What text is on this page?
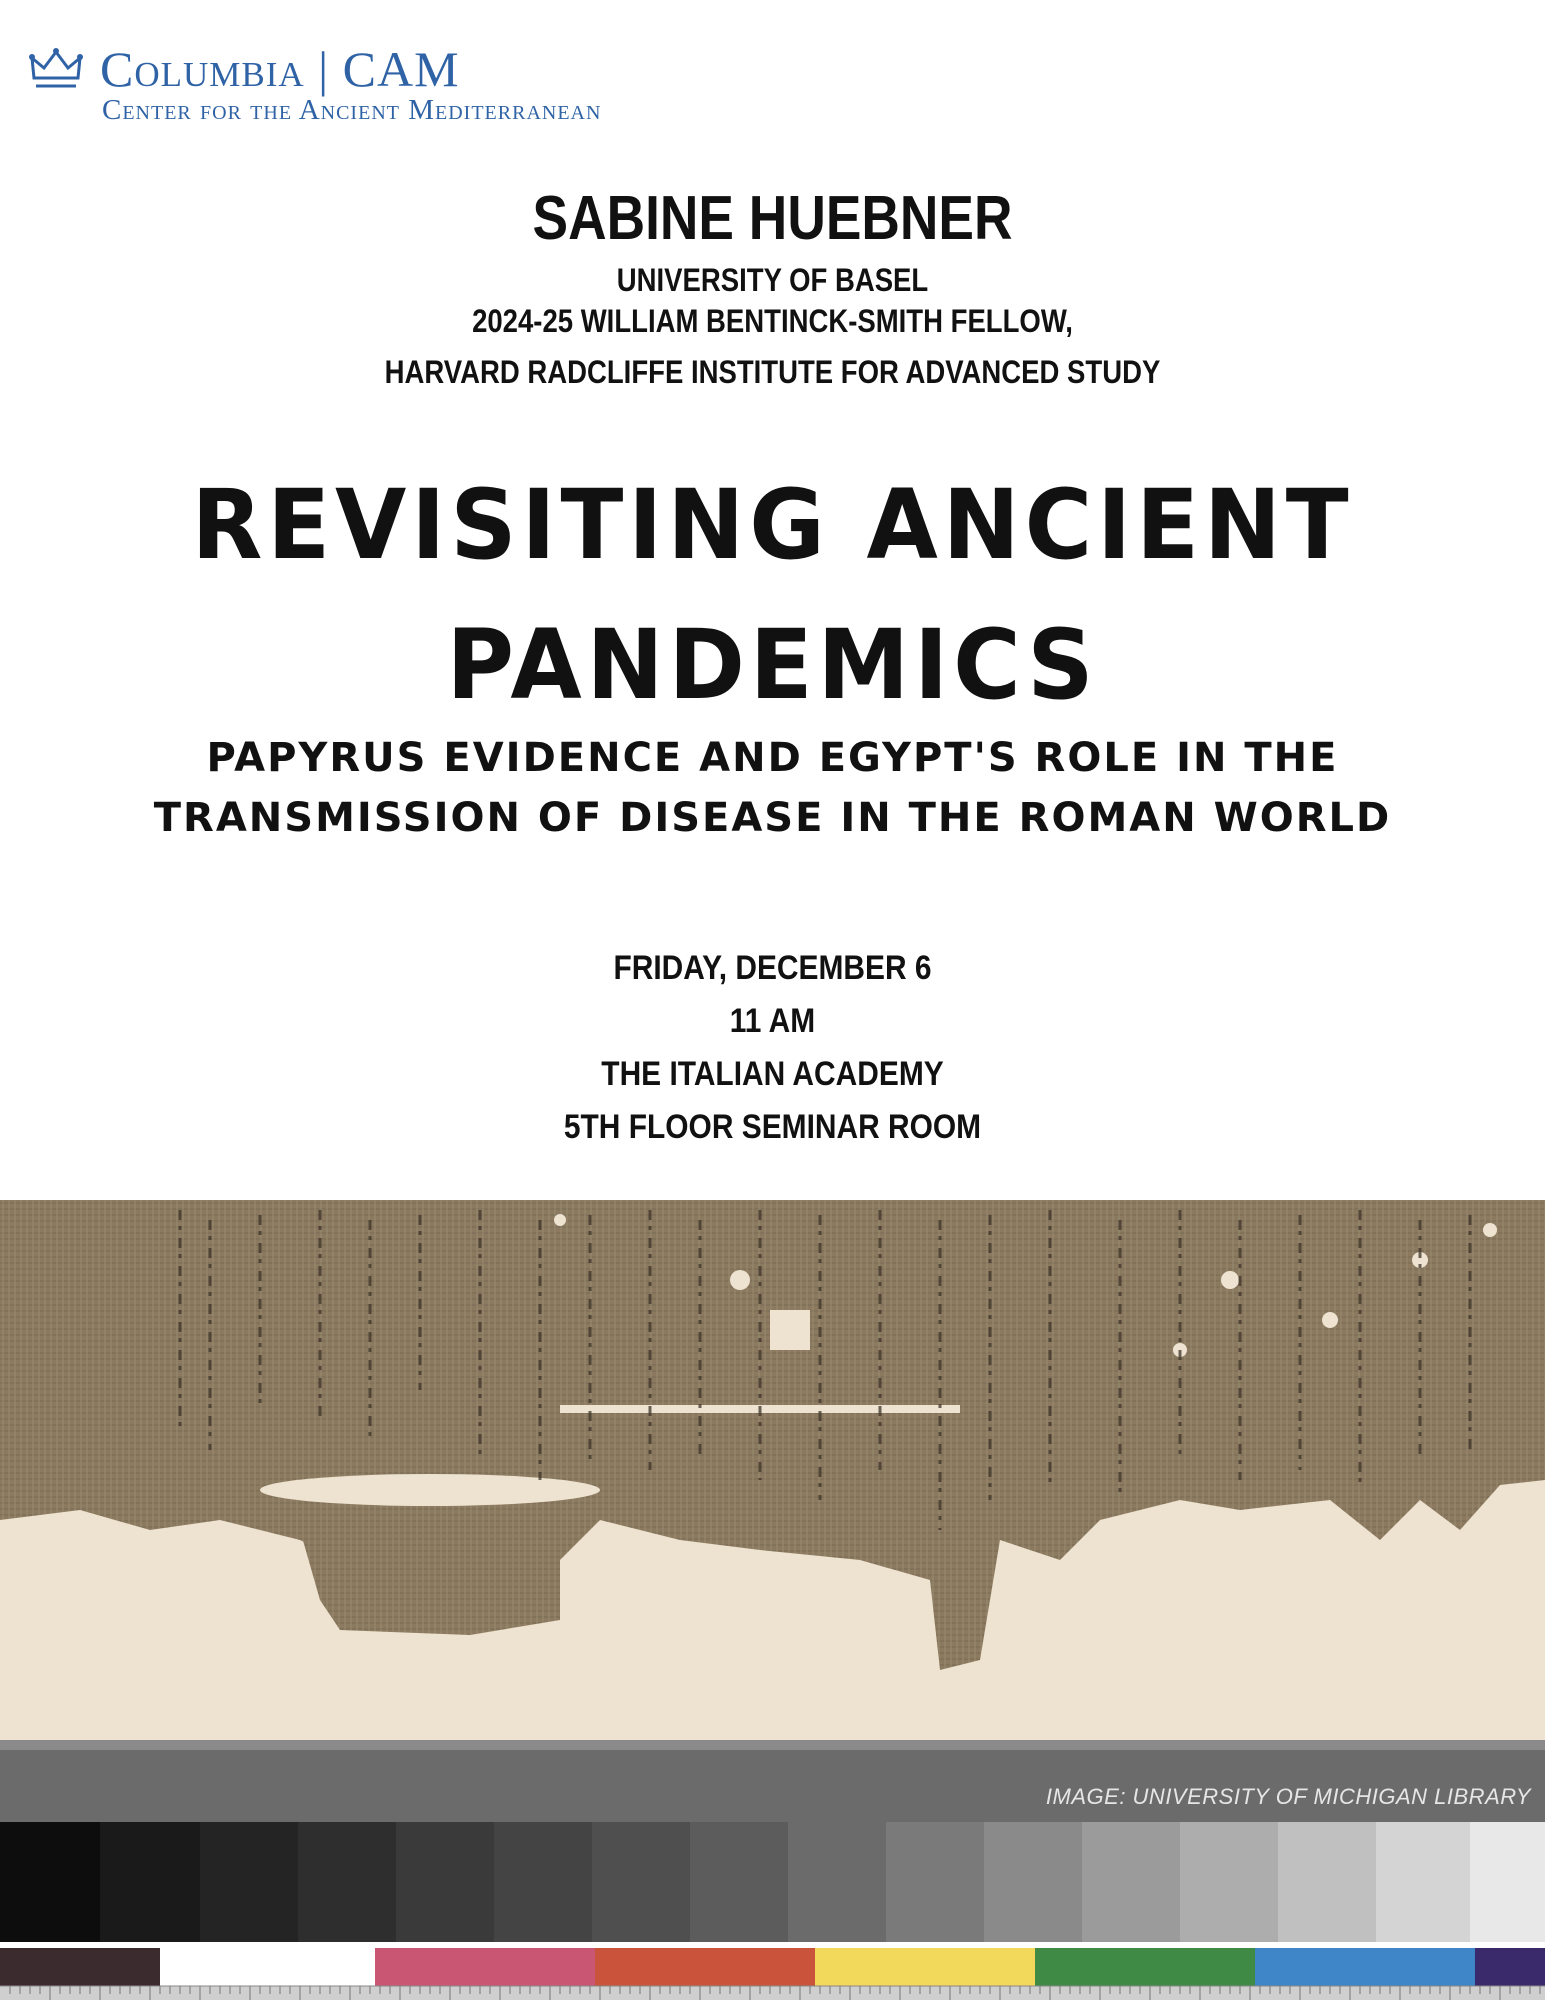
Columbia | CAM
Center for the Ancient Mediterranean
SABINE HUEBNER
UNIVERSITY OF BASEL
2024-25 WILLIAM BENTINCK-SMITH FELLOW,
HARVARD RADCLIFFE INSTITUTE FOR ADVANCED STUDY
REVISITING ANCIENT
PANDEMICS
PAPYRUS EVIDENCE AND EGYPT'S ROLE IN THE
TRANSMISSION OF DISEASE IN THE ROMAN WORLD
FRIDAY, DECEMBER 6
11 AM
THE ITALIAN ACADEMY
5TH FLOOR SEMINAR ROOM
IMAGE: UNIVERSITY OF MICHIGAN LIBRARY
